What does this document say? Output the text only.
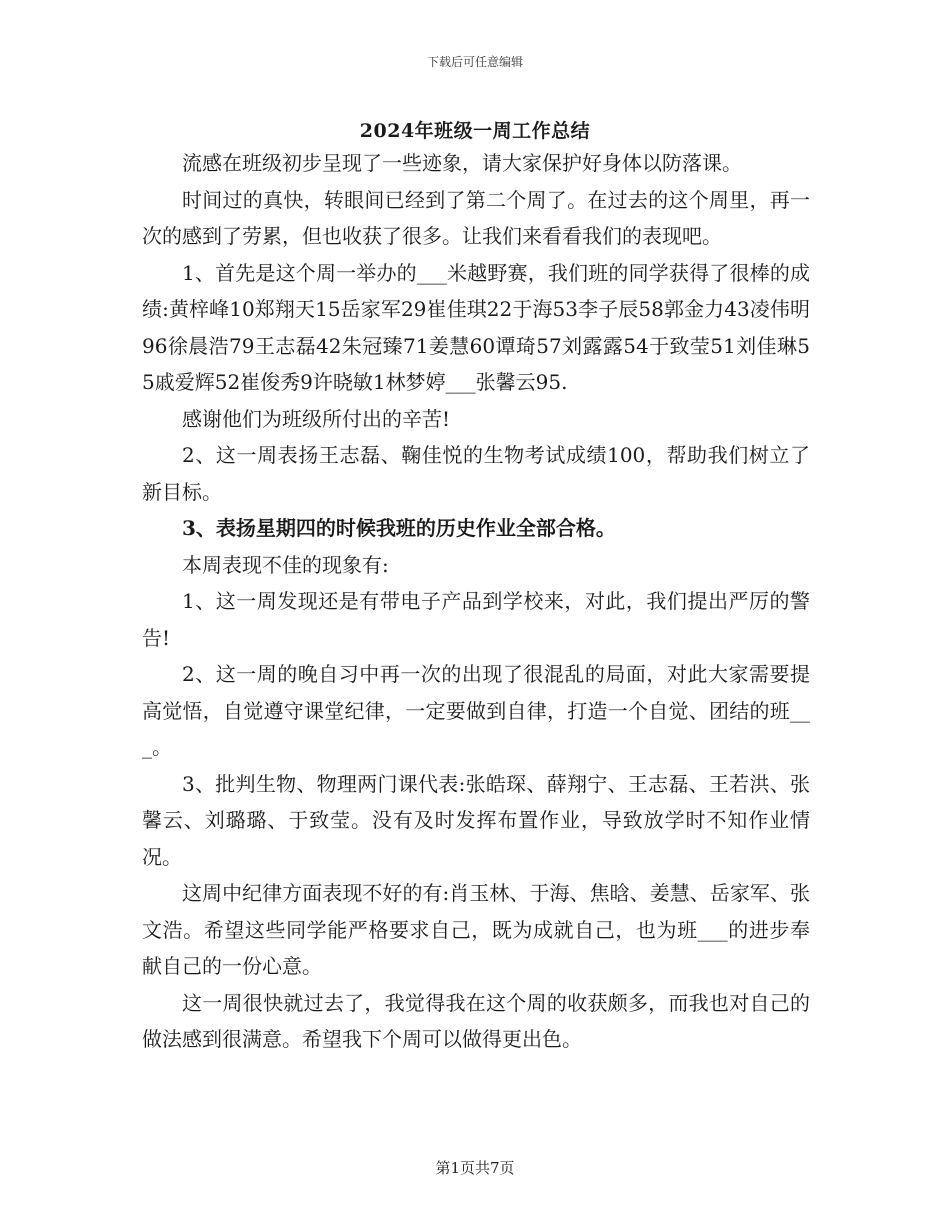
下载后可任意编辑
2024年班级一周工作总结

流感在班级初步呈现了一些迹象，请大家保护好身体以防落课。

时间过的真快，转眼间已经到了第二个周了。在过去的这个周里，再一次的感到了劳累，但也收获了很多。让我们来看看我们的表现吧。

1、首先是这个周一举办的___米越野赛，我们班的同学获得了很棒的成绩:黄梓峰10郑翔天15岳家军29崔佳琪22于海53李子辰58郭金力43凌伟明96徐晨浩79王志磊42朱冠臻71姜慧60谭琦57刘露露54于致莹51刘佳琳55戚爱辉52崔俊秀9许晓敏1林梦婷___张馨云95.

感谢他们为班级所付出的辛苦!

2、这一周表扬王志磊、鞠佳悦的生物考试成绩100，帮助我们树立了新目标。

3、表扬星期四的时候我班的历史作业全部合格。

本周表现不佳的现象有:

1、这一周发现还是有带电子产品到学校来，对此，我们提出严厉的警告!

2、这一周的晚自习中再一次的出现了很混乱的局面，对此大家需要提高觉悟，自觉遵守课堂纪律，一定要做到自律，打造一个自觉、团结的班___。

3、批判生物、物理两门课代表:张皓琛、薛翔宁、王志磊、王若洪、张馨云、刘璐璐、于致莹。没有及时发挥布置作业，导致放学时不知作业情况。

这周中纪律方面表现不好的有:肖玉林、于海、焦晗、姜慧、岳家军、张文浩。希望这些同学能严格要求自己，既为成就自己，也为班___的进步奉献自己的一份心意。

这一周很快就过去了，我觉得我在这个周的收获颇多，而我也对自己的做法感到很满意。希望我下个周可以做得更出色。

第1页共7页
